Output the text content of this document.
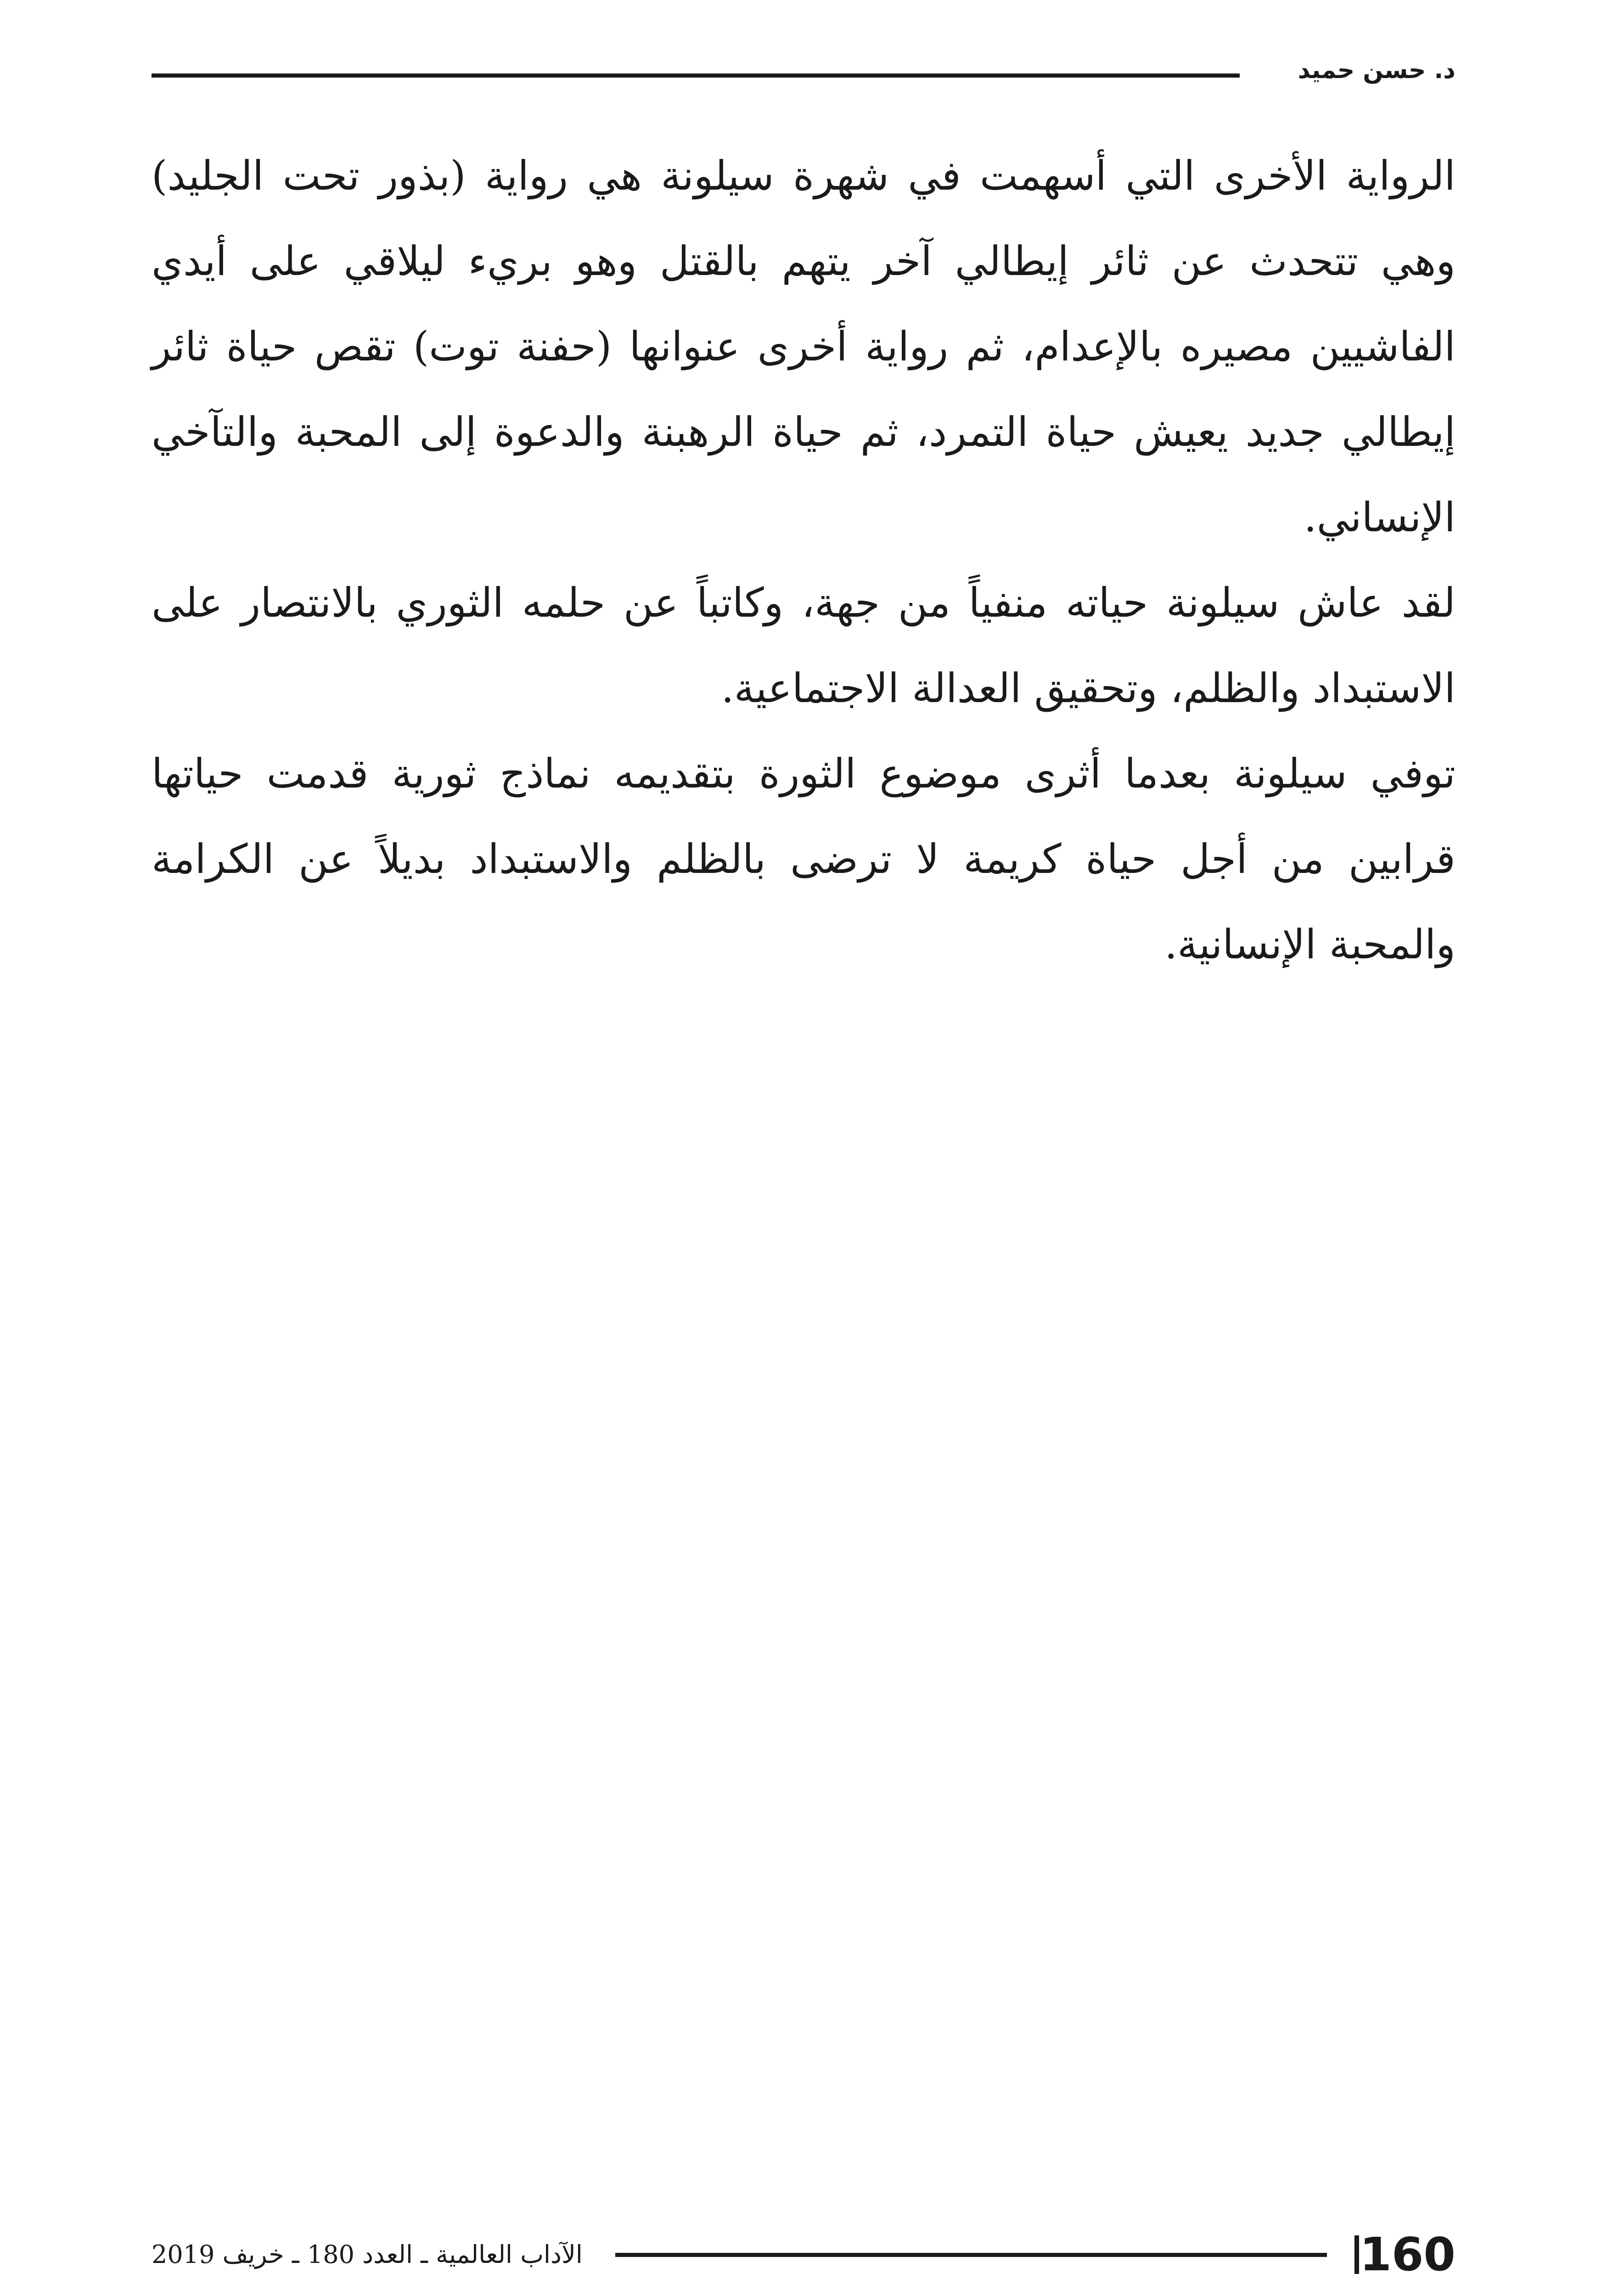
د. حسن حميد

الرواية الأخرى التي أسهمت في شهرة سيلونة هي رواية (بذور تحت الجليد) وهي تتحدث عن ثائر إيطالي آخر يتهم بالقتل وهو بريء ليلاقي على أيدي الفاشيين مصيره بالإعدام، ثم رواية أخرى عنوانها (حفنة توت) تقص حياة ثائر إيطالي جديد يعيش حياة التمرد، ثم حياة الرهبنة والدعوة إلى المحبة والتآخي الإنساني.

لقد عاش سيلونة حياته منفياً من جهة، وكاتباً عن حلمه الثوري بالانتصار على الاستبداد والظلم، وتحقيق العدالة الاجتماعية.

توفي سيلونة بعدما أثرى موضوع الثورة بتقديمه نماذج ثورية قدمت حياتها قرابين من أجل حياة كريمة لا ترضى بالظلم والاستبداد بديلاً عن الكرامة والمحبة الإنسانية.

160
الآداب العالمية ـ العدد 180 ـ خريف 2019
